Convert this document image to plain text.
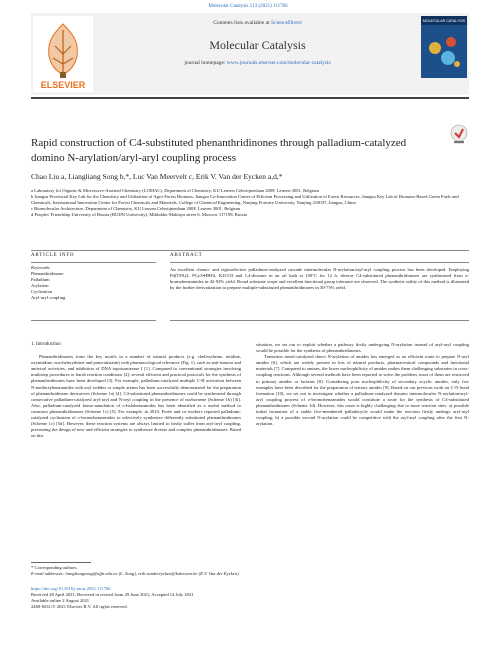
Molecular Catalysis 513 (2021) 111766
ELSEVIER
Contents lists available at ScienceDirect
Molecular Catalysis
journal homepage: www.journals.elsevier.com/molecular-catalysis
MOLECULAR CATALYSIS
Rapid construction of C4-substituted phenanthridinones through palladium-catalyzed domino N-arylation/aryl-aryl coupling process
Chao Liu a, Liangliang Song b,*, Luc Van Meervelt c, Erik V. Van der Eycken a,d,*
a Laboratory for Organic & Microwave-Assisted Chemistry (LOMAC), Department of Chemistry, KU Leuven Celestijnenlaan 200F, Leuven 3001, Belgium
b Jiangsu Provincial Key Lab for the Chemistry and Utilization of Agro-Forest Biomass, Jiangsu Co-Innovation Center of Efficient Processing and Utilization of Forest Resources, Jiangsu Key Lab of Biomass-Based Green Fuels and Chemicals, International Innovation Center for Forest Chemicals and Materials, College of Chemical Engineering, Nanjing Forestry University, Nanjing 210037, Jiangsu, China
c Biomolecular Architecture, Department of Chemistry, KU Leuven Celestijnenlaan 200F, Leuven 3001, Belgium
d Peoples' Friendship University of Russia (RUDN University), Miklukho-Maklaya street 6, Moscow 117198, Russia
ARTICLE INFO	ABSTRACT
Keywords:
Phenanthridinone
Palladium
Arylation
Cyclization
Aryl-aryl coupling
An excellent chemo- and regioselective palladium-catalyzed cascade intermolecular N-arylation/aryl-aryl coupling process has been developed. Employing Pd(TFA)2, PCy3•HBF4, K2CO3 and 1,4-dioxane in an oil bath at 100°C for 12 h, diverse C4-substituted phenanthridinones are synthesized from o-bromobenzamides in 42-92% yield. Broad substrate scope and excellent functional group tolerance are observed. The synthetic utility of this method is illustrated by the further derivatization to prepare multiple-substituted phenanthridinones in 30-75% yield.
1. Introduction

Phenanthridinones form the key motifs in a number of natural products (e.g. chelerythrine, nitidine, oxynitidine, norchelerythrine and pancratistatin) with pharmacological relevance (Fig. 1), such as anti-tumour and antiviral activities, and inhibition of DNA topoisomerase I [1]. Compared to conventional strategies involving multistep procedures or harsh reaction conditions [2], several efficient and practical protocols for the synthesis of phenanthridinones have been developed [3]. For example, palladium-catalyzed multiple C-H activation between N-methoxybenzamides with aryl iodides or simple arenes has been successfully demonstrated for the preparation of phenanthridinone derivatives (Scheme 1a) [4]. C4-substituted phenanthridinones could be synthesized through consecutive palladium-catalyzed aryl-aryl and N-aryl coupling in the presence of norbornene (Scheme 1b) [3i]. Also, palladium-catalyzed homo-annulation of o-halobenzamides has been identified as a useful method to construct phenanthridinones (Scheme 1c) [5]. For example, in 2010, Porée and co-workers reported palladium-catalyzed cyclization of o-bromobenzamides to selectively synthesize differently substituted phenanthridinones (Scheme 1c) [5d]. However, these reaction systems are always limited to firstly suffer from aryl-aryl coupling, preventing the design of new and efficient strategies to synthesize diverse and complex phenanthridinones. Based on this

situation, we set out to exploit whether a pathway firstly undergoing N-arylation instead of aryl-aryl coupling would be possible for the synthesis of phenanthridinones.

Transition metal-catalyzed direct N-arylation of amides has emerged as an efficient route to prepare N-aryl amides [6], which are widely present in lots of natural products, pharmaceutical compounds and functional materials [7]. Compared to amines, the lower nucleophilicity of amides makes them challenging substrates in cross-coupling reactions. Although several methods have been reported to solve the problem, most of them are restricted to primary amides or lactams [8]. Considering poor nucleophilicity of secondary acyclic amides, only few examples have been described for the preparation of tertiary amides [9]. Based on our previous work on C-N bond formation [10], we set out to investigate whether a palladium-catalyzed domino intermolecular N-arylation/aryl-aryl coupling process of o-bromobenzamides would constitute a route for the synthesis of C4-substituted phenanthridinones (Scheme 1d). However, this route is highly challenging due to more reaction sites: a) possible initial formation of a stable five-membered palladacycle would make the reaction firstly undergo aryl-aryl coupling; b) a possible second N-arylation could be competitive with the aryl-aryl coupling after the first N-arylation.

* Corresponding authors.
E-mail addresses: liangliangsong@njfu.edu.cn (L. Song), erik.vandereycken@kuleuven.be (E.V. Van der Eycken).
https://doi.org/10.1016/j.mcat.2021.111766
Received 28 April 2021; Received in revised form 29 June 2021; Accepted 14 July 2021
Available online 2 August 2021
2468-8231/© 2021 Elsevier B.V. All rights reserved.
